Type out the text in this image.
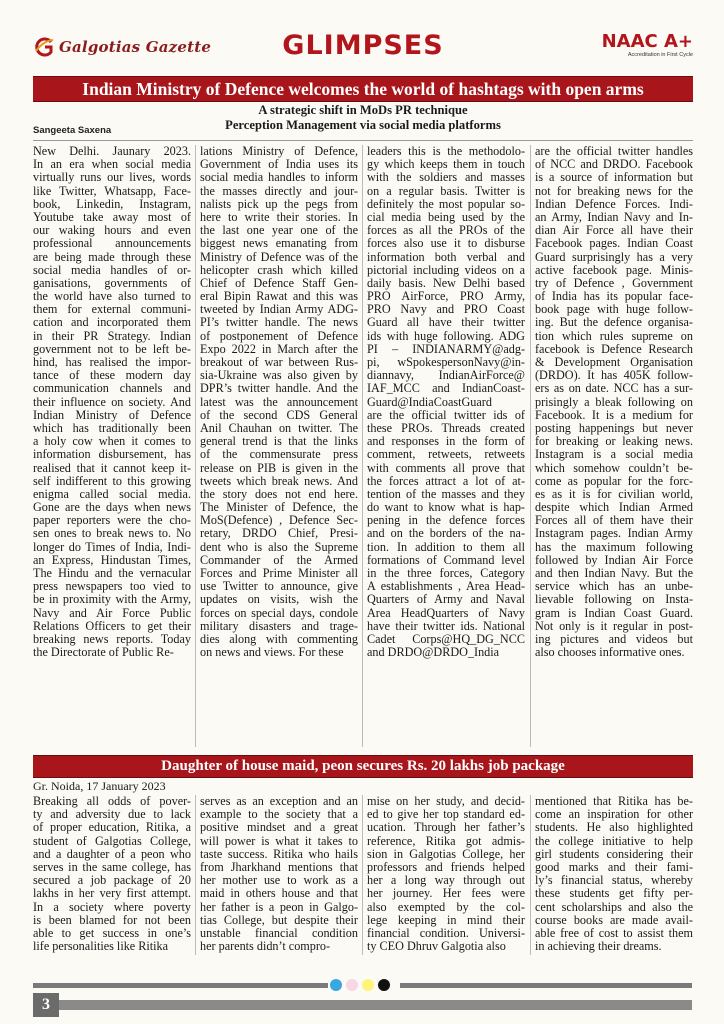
Galgotias Gazette	GLIMPSES	NAAC A+
Accreditation in First Cycle
Indian Ministry of Defence welcomes the world of hashtags with open arms
A strategic shift in MoDs PR technique
Perception Management via social media platforms
Sangeeta Saxena
New Delhi. Jaunary 2023.
In an era when social media
virtually runs our lives, words
like Twitter, Whatsapp, Face-
book, Linkedin, Instagram,
Youtube take away most of
our waking hours and even
professional announcements
are being made through these
social media handles of or-
ganisations, governments of
the world have also turned to
them for external communi-
cation and incorporated them
in their PR Strategy. Indian
government not to be left be-
hind, has realised the impor-
tance of these modern day
communication channels and
their influence on society. And
Indian Ministry of Defence
which has traditionally been
a holy cow when it comes to
information disbursement, has
realised that it cannot keep it-
self indifferent to this growing
enigma called social media.
Gone are the days when news
paper reporters were the cho-
sen ones to break news to. No
longer do Times of India, Indi-
an Express, Hindustan Times,
The Hindu and the vernacular
press newspapers too vied to
be in proximity with the Army,
Navy and Air Force Public
Relations Officers to get their
breaking news reports. Today
the Directorate of Public Re-
lations Ministry of Defence,
Government of India uses its
social media handles to inform
the masses directly and jour-
nalists pick up the pegs from
here to write their stories. In
the last one year one of the
biggest news emanating from
Ministry of Defence was of the
helicopter crash which killed
Chief of Defence Staff Gen-
eral Bipin Rawat and this was
tweeted by Indian Army ADG-
PI’s twitter handle. The news
of postponement of Defence
Expo 2022 in March after the
breakout of war between Rus-
sia-Ukraine was also given by
DPR’s twitter handle. And the
latest was the announcement
of the second CDS General
Anil Chauhan on twitter. The
general trend is that the links
of the commensurate press
release on PIB is given in the
tweets which break news. And
the story does not end here.
The Minister of Defence, the
MoS(Defence) , Defence Sec-
retary, DRDO Chief, Presi-
dent who is also the Supreme
Commander of the Armed
Forces and Prime Minister all
use Twitter to announce, give
updates on visits, wish the
forces on special days, condole
military disasters and trage-
dies along with commenting
on news and views. For these
leaders this is the methodolo-
gy which keeps them in touch
with the soldiers and masses
on a regular basis. Twitter is
definitely the most popular so-
cial media being used by the
forces as all the PROs of the
forces also use it to disburse
information both verbal and
pictorial including videos on a
daily basis. New Delhi based
PRO AirForce, PRO Army,
PRO Navy and PRO Coast
Guard all have their twitter
ids with huge following. ADG
PI – INDIANARMY@adg-
pi, wSpokespersonNavy@in-
diannavy, IndianAirForce@
IAF_MCC and IndianCoast-
Guard@IndiaCoastGuard
are the official twitter ids of
these PROs. Threads created
and responses in the form of
comment, retweets, retweets
with comments all prove that
the forces attract a lot of at-
tention of the masses and they
do want to know what is hap-
pening in the defence forces
and on the borders of the na-
tion. In addition to them all
formations of Command level
in the three forces, Category
A establishments , Area Head-
Quarters of Army and Naval
Area HeadQuarters of Navy
have their twitter ids. National
Cadet Corps@HQ_DG_NCC
and DRDO@DRDO_India
are the official twitter handles
of NCC and DRDO. Facebook
is a source of information but
not for breaking news for the
Indian Defence Forces. Indi-
an Army, Indian Navy and In-
dian Air Force all have their
Facebook pages. Indian Coast
Guard surprisingly has a very
active facebook page. Minis-
try of Defence , Government
of India has its popular face-
book page with huge follow-
ing. But the defence organisa-
tion which rules supreme on
facebook is Defence Research
& Development Organisation
(DRDO). It has 405K follow-
ers as on date. NCC has a sur-
prisingly a bleak following on
Facebook. It is a medium for
posting happenings but never
for breaking or leaking news.
Instagram is a social media
which somehow couldn’t be-
come as popular for the forc-
es as it is for civilian world,
despite which Indian Armed
Forces all of them have their
Instagram pages. Indian Army
has the maximum following
followed by Indian Air Force
and then Indian Navy. But the
service which has an unbe-
lievable following on Insta-
gram is Indian Coast Guard.
Not only is it regular in post-
ing pictures and videos but
also chooses informative ones.
Daughter of house maid, peon secures Rs. 20 lakhs job package
Gr. Noida, 17 January 2023
Breaking all odds of pover-
ty and adversity due to lack
of proper education, Ritika, a
student of Galgotias College,
and a daughter of a peon who
serves in the same college, has
secured a job package of 20
lakhs in her very first attempt.
In a society where poverty
is been blamed for not been
able to get success in one’s
life personalities like Ritika
serves as an exception and an
example to the society that a
positive mindset and a great
will power is what it takes to
taste success. Ritika who hails
from Jharkhand mentions that
her mother use to work as a
maid in others house and that
her father is a peon in Galgo-
tias College, but despite their
unstable financial condition
her parents didn’t compro-
mise on her study, and decid-
ed to give her top standard ed-
ucation. Through her father’s
reference, Ritika got admis-
sion in Galgotias College, her
professors and friends helped
her a long way through out
her journey. Her fees were
also exempted by the col-
lege keeping in mind their
financial condition. Universi-
ty CEO Dhruv Galgotia also
mentioned that Ritika has be-
come an inspiration for other
students. He also highlighted
the college initiative to help
girl students considering their
good marks and their fami-
ly’s financial status, whereby
these students get fifty per-
cent scholarships and also the
course books are made avail-
able free of cost to assist them
in achieving their dreams.
3
